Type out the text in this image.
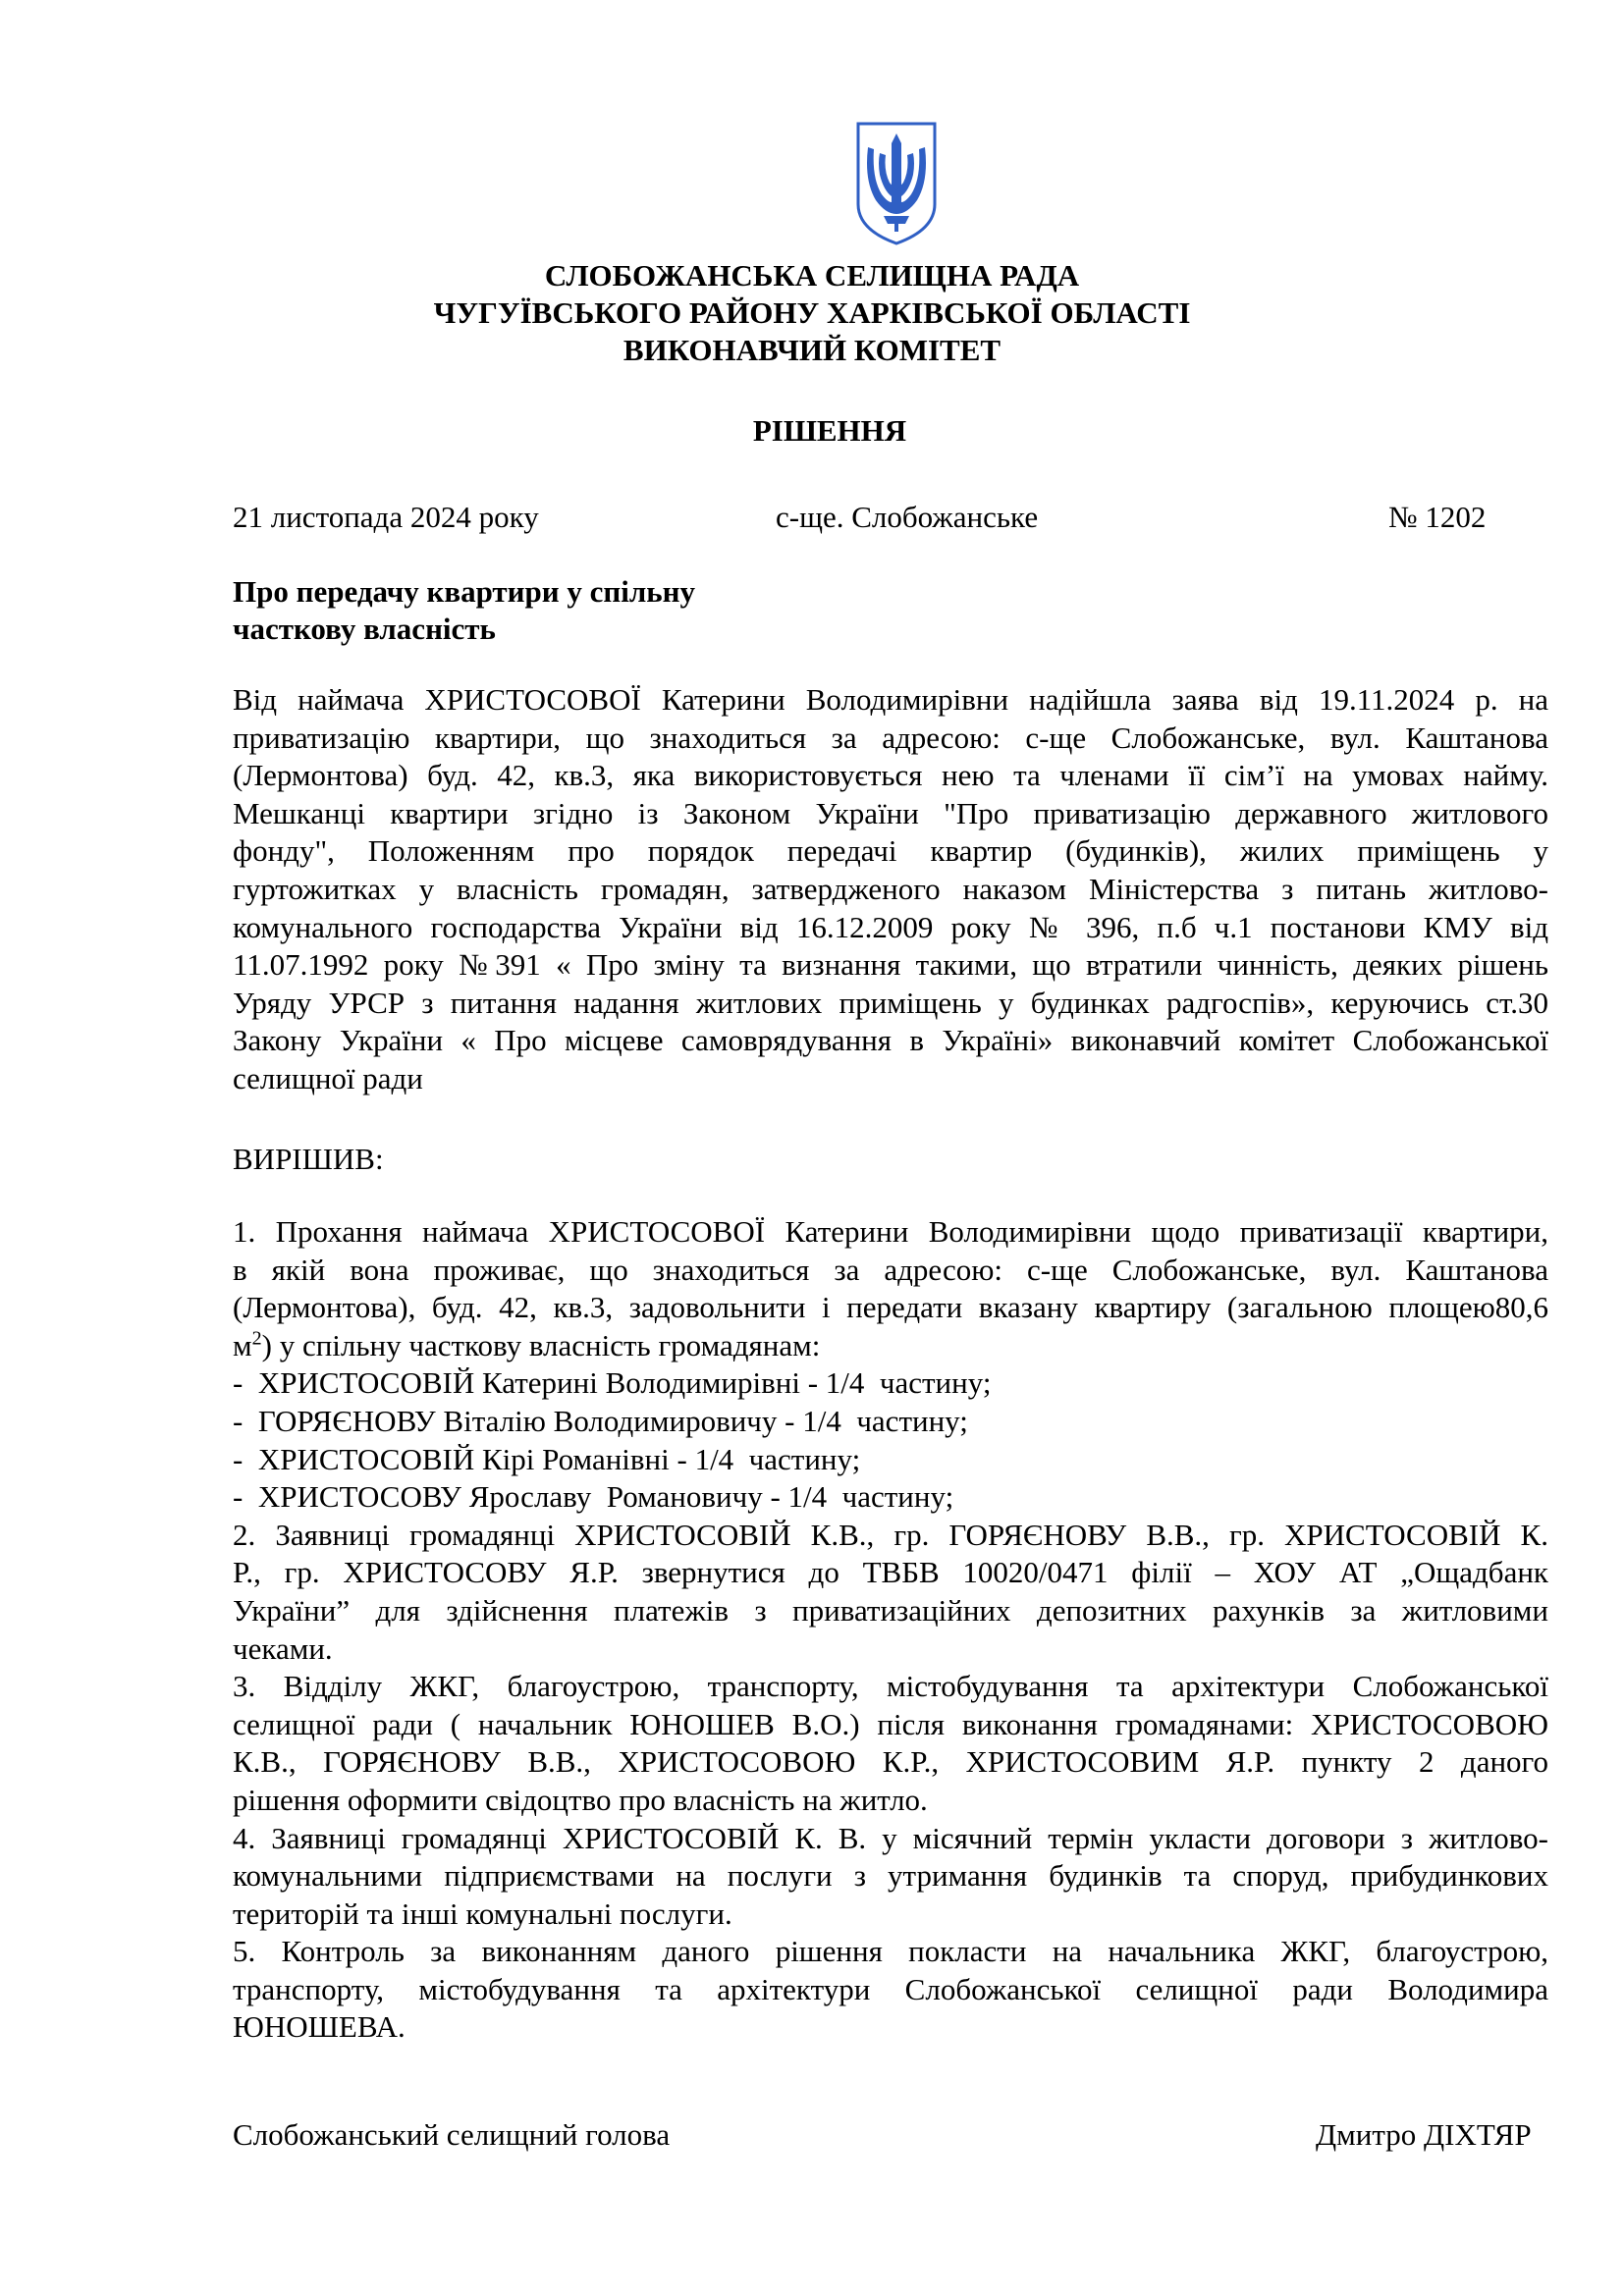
СЛОБОЖАНСЬКА СЕЛИЩНА РАДА
ЧУГУЇВСЬКОГО РАЙОНУ ХАРКІВСЬКОЇ ОБЛАСТІ
ВИКОНАВЧИЙ КОМІТЕТ
РІШЕННЯ
21 листопада 2024 року	с-ще. Слобожанське	№ 1202
Про передачу квартири у спільну
часткову власність

Від наймача ХРИСТОСОВОЇ Катерини Володимирівни надійшла заява від 19.11.2024 р. на

приватизацію квартири, що знаходиться за адресою: с-ще Слобожанське, вул. Каштанова

(Лермонтова) буд. 42, кв.3, яка використовується нею та членами її сім’ї на умовах найму.

Мешканці квартири згідно із Законом України "Про приватизацію державного житлового

фонду", Положенням про порядок передачі квартир (будинків), жилих приміщень у

гуртожитках у власність громадян, затвердженого наказом Міністерства з питань житлово-

комунального господарства України від 16.12.2009 року № 396, п.б ч.1 постанови КМУ від

11.07.1992 року №391 « Про зміну та визнання такими, що втратили чинність, деяких рішень

Уряду УРСР з питання надання житлових приміщень у будинках радгоспів», керуючись ст.30

Закону України « Про місцеве самоврядування в Україні» виконавчий комітет Слобожанської

селищної ради

ВИРІШИВ:

1. Прохання наймача ХРИСТОСОВОЇ Катерини Володимирівни щодо приватизації квартири,

в якій вона проживає, що знаходиться за адресою: с-ще Слобожанське, вул. Каштанова

(Лермонтова), буд. 42, кв.3, задовольнити і передати вказану квартиру (загальною площею80,6

$м^2$) у спільну часткову власність громадянам:

-  ХРИСТОСОВІЙ Катерині Володимирівні - 1/4  частину;

-  ГОРЯЄНОВУ Віталію Володимировичу - 1/4  частину;

-  ХРИСТОСОВІЙ Кірі Романівні - 1/4  частину;

-  ХРИСТОСОВУ Ярославу  Романовичу - 1/4  частину;

2. Заявниці громадянці ХРИСТОСОВІЙ К.В., гр. ГОРЯЄНОВУ В.В., гр. ХРИСТОСОВІЙ К.

Р., гр. ХРИСТОСОВУ Я.Р. звернутися до ТВБВ 10020/0471 філії – ХОУ АТ „Ощадбанк

України” для здійснення платежів з приватизаційних депозитних рахунків за житловими

чеками.

3. Відділу ЖКГ, благоустрою, транспорту, містобудування та архітектури Слобожанської

селищної ради ( начальник ЮНОШЕВ В.О.) після виконання громадянами: ХРИСТОСОВОЮ

К.В., ГОРЯЄНОВУ В.В., ХРИСТОСОВОЮ К.Р., ХРИСТОСОВИМ Я.Р. пункту 2 даного

рішення оформити свідоцтво про власність на житло.

4. Заявниці громадянці ХРИСТОСОВІЙ К. В. у місячний термін укласти договори з житлово-

комунальними підприємствами на послуги з утримання будинків та споруд, прибудинкових

територій та інші комунальні послуги.

5. Контроль за виконанням даного рішення покласти на начальника ЖКГ, благоустрою,

транспорту, містобудування та архітектури Слобожанської селищної ради Володимира

ЮНОШЕВА.

Слобожанський селищний голова	Дмитро ДІХТЯР
